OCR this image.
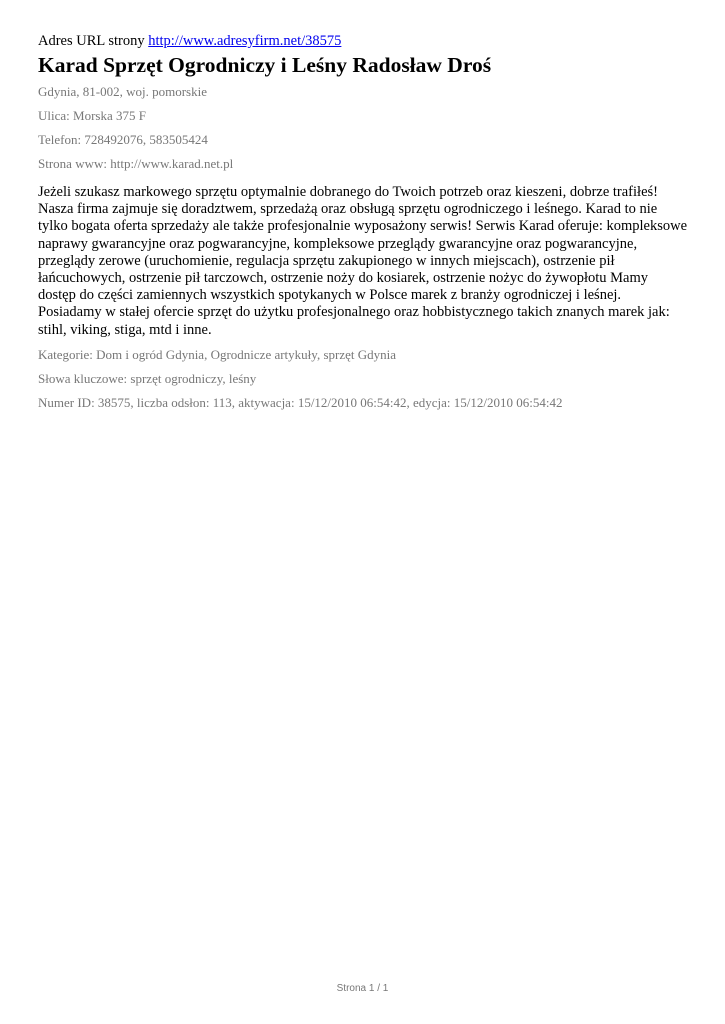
Adres URL strony http://www.adresyfirm.net/38575

Karad Sprzęt Ogrodniczy i Leśny Radosław Droś

Gdynia, 81-002, woj. pomorskie

Ulica: Morska 375 F

Telefon: 728492076, 583505424

Strona www: http://www.karad.net.pl

Jeżeli szukasz markowego sprzętu optymalnie dobranego do Twoich potrzeb oraz kieszeni, dobrze trafiłeś! Nasza firma zajmuje się doradztwem, sprzedażą oraz obsługą sprzętu ogrodniczego i leśnego. Karad to nie tylko bogata oferta sprzedaży ale także profesjonalnie wyposażony serwis! Serwis Karad oferuje: kompleksowe naprawy gwarancyjne oraz pogwarancyjne, kompleksowe przeglądy gwarancyjne oraz pogwarancyjne, przeglądy zerowe (uruchomienie, regulacja sprzętu zakupionego w innych miejscach), ostrzenie pił łańcuchowych, ostrzenie pił tarczowch, ostrzenie noży do kosiarek, ostrzenie nożyc do żywopłotu Mamy dostęp do części zamiennych wszystkich spotykanych w Polsce marek z branży ogrodniczej i leśnej. Posiadamy w stałej ofercie sprzęt do użytku profesjonalnego oraz hobbistycznego takich znanych marek jak: stihl, viking, stiga, mtd i inne.

Kategorie: Dom i ogród Gdynia, Ogrodnicze artykuły, sprzęt Gdynia

Słowa kluczowe: sprzęt ogrodniczy, leśny

Numer ID: 38575, liczba odsłon: 113, aktywacja: 15/12/2010 06:54:42, edycja: 15/12/2010 06:54:42

Strona 1 / 1
